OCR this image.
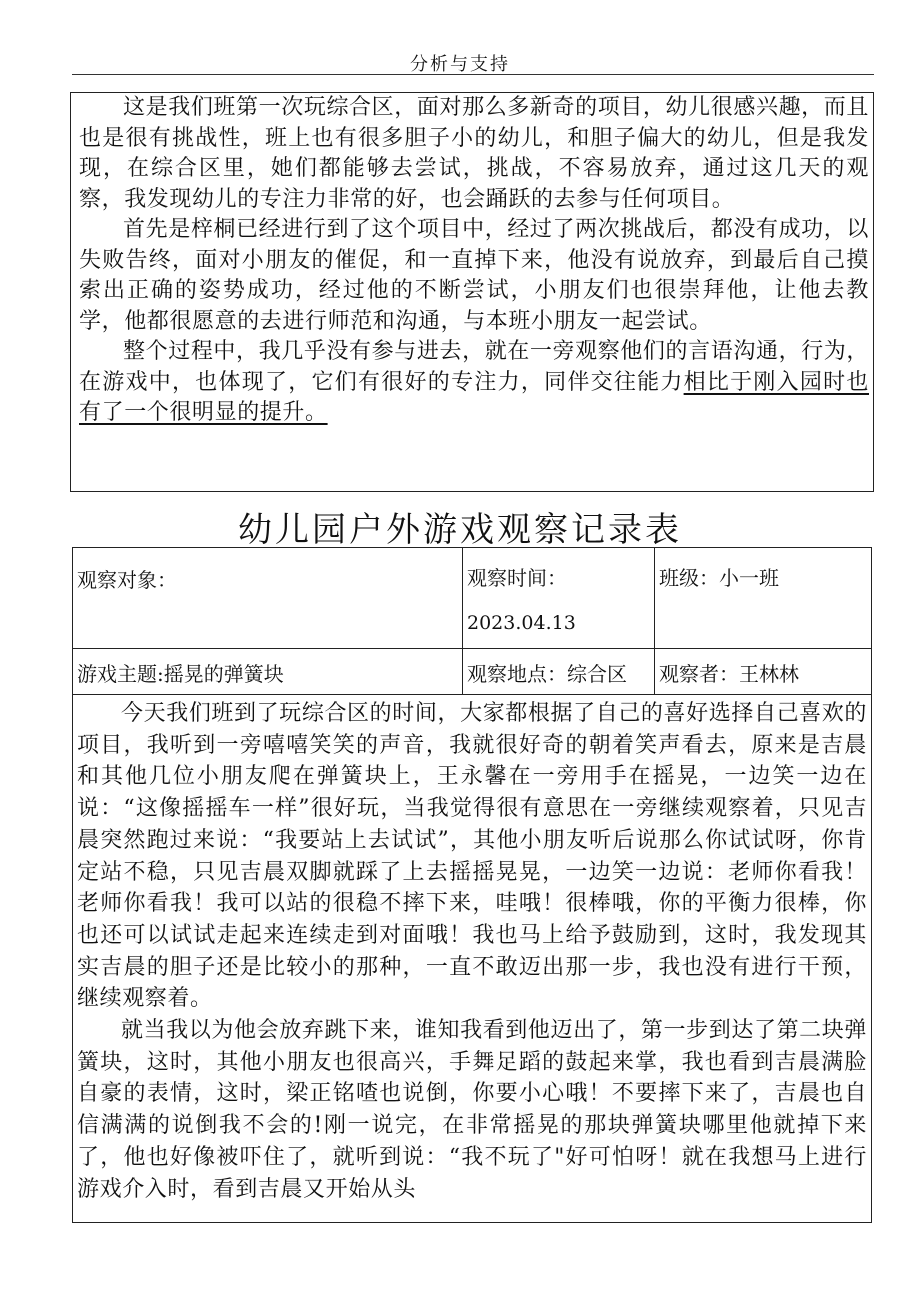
分析与支持

这是我们班第一次玩综合区，面对那么多新奇的项目，幼儿很感兴趣，而且也是很有挑战性，班上也有很多胆子小的幼儿，和胆子偏大的幼儿，但是我发现，在综合区里，她们都能够去尝试，挑战，不容易放弃，通过这几天的观察，我发现幼儿的专注力非常的好，也会踊跃的去参与任何项目。

首先是梓桐已经进行到了这个项目中，经过了两次挑战后，都没有成功，以失败告终，面对小朋友的催促，和一直掉下来，他没有说放弃，到最后自己摸索出正确的姿势成功，经过他的不断尝试，小朋友们也很崇拜他，让他去教学，他都很愿意的去进行师范和沟通，与本班小朋友一起尝试。

整个过程中，我几乎没有参与进去，就在一旁观察他们的言语沟通，行为，在游戏中，也体现了，它们有很好的专注力，同伴交往能力相比于刚入园时也有了一个很明显的提升。

幼儿园户外游戏观察记录表
观察对象：	观察时间：
2023.04.13
班级：小一班
游戏主题:摇晃的弹簧块	观察地点：综合区 观察者：王林林

今天我们班到了玩综合区的时间，大家都根据了自己的喜好选择自己喜欢的项目，我听到一旁嘻嘻笑笑的声音，我就很好奇的朝着笑声看去，原来是吉晨和其他几位小朋友爬在弹簧块上，王永馨在一旁用手在摇晃，一边笑一边在说：“这像摇摇车一样”很好玩，当我觉得很有意思在一旁继续观察着，只见吉晨突然跑过来说：“我要站上去试试”，其他小朋友听后说那么你试试呀，你肯定站不稳，只见吉晨双脚就踩了上去摇摇晃晃，一边笑一边说：老师你看我！老师你看我！我可以站的很稳不摔下来，哇哦！很棒哦，你的平衡力很棒，你也还可以试试走起来连续走到对面哦！我也马上给予鼓励到，这时，我发现其实吉晨的胆子还是比较小的那种，一直不敢迈出那一步，我也没有进行干预，继续观察着。

就当我以为他会放弃跳下来，谁知我看到他迈出了，第一步到达了第二块弹簧块，这时，其他小朋友也很高兴，手舞足蹈的鼓起来掌，我也看到吉晨满脸自豪的表情，这时，梁正铭喳也说倒，你要小心哦！不要摔下来了，吉晨也自信满满的说倒我不会的!刚一说完，在非常摇晃的那块弹簧块哪里他就掉下来了，他也好像被吓住了，就听到说：“我不玩了"好可怕呀！就在我想马上进行游戏介入时，看到吉晨又开始从头
